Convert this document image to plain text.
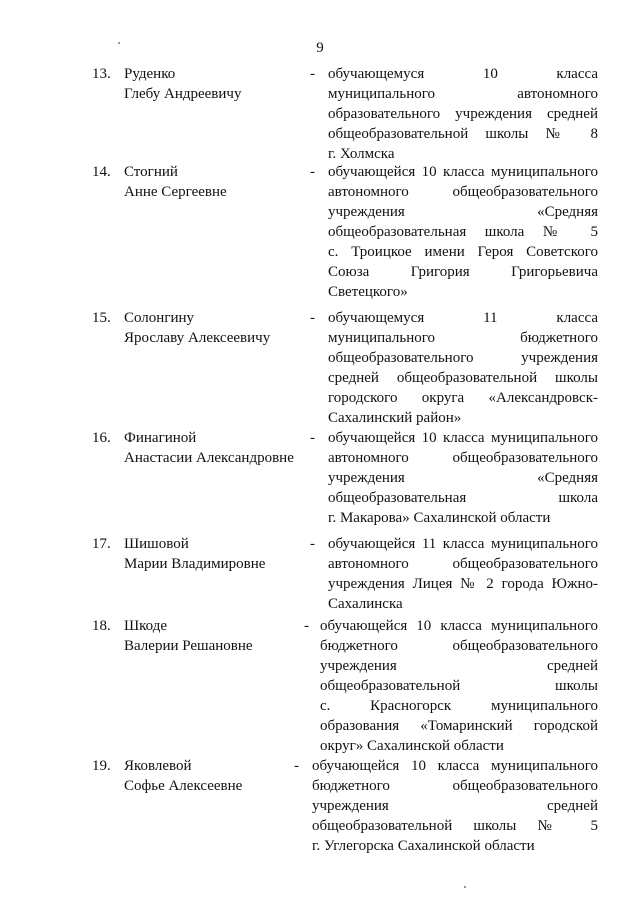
9
13. Руденко
Глебу Андреевичу
- обучающемуся 10 класса
муниципального автономного
образовательного учреждения средней
общеобразовательной школы № 8
г. Холмска
14. Стогний
Анне Сергеевне
- обучающейся 10 класса муниципального
автономного общеобразовательного
учреждения «Средняя
общеобразовательная школа № 5
с. Троицкое имени Героя Советского
Союза Григория Григорьевича
Светецкого»
15. Солонгину
Ярославу Алексеевичу
- обучающемуся 11 класса
муниципального бюджетного
общеобразовательного учреждения
средней общеобразовательной школы
городского округа «Александровск-
Сахалинский район»
16. Финагиной
Анастасии Александровне
- обучающейся 10 класса муниципального
автономного общеобразовательного
учреждения «Средняя
общеобразовательная школа
г. Макарова» Сахалинской области
17. Шишовой
Марии Владимировне
- обучающейся 11 класса муниципального
автономного общеобразовательного
учреждения Лицея № 2 города Южно-
Сахалинска
18. Шкоде
Валерии Решановне
- обучающейся 10 класса муниципального
бюджетного общеобразовательного
учреждения средней
общеобразовательной школы
с. Красногорск муниципального
образования «Томаринский городской
округ» Сахалинской области
19. Яковлевой
Софье Алексеевне
- обучающейся 10 класса муниципального
бюджетного общеобразовательного
учреждения средней
общеобразовательной школы № 5
г. Углегорска Сахалинской области
